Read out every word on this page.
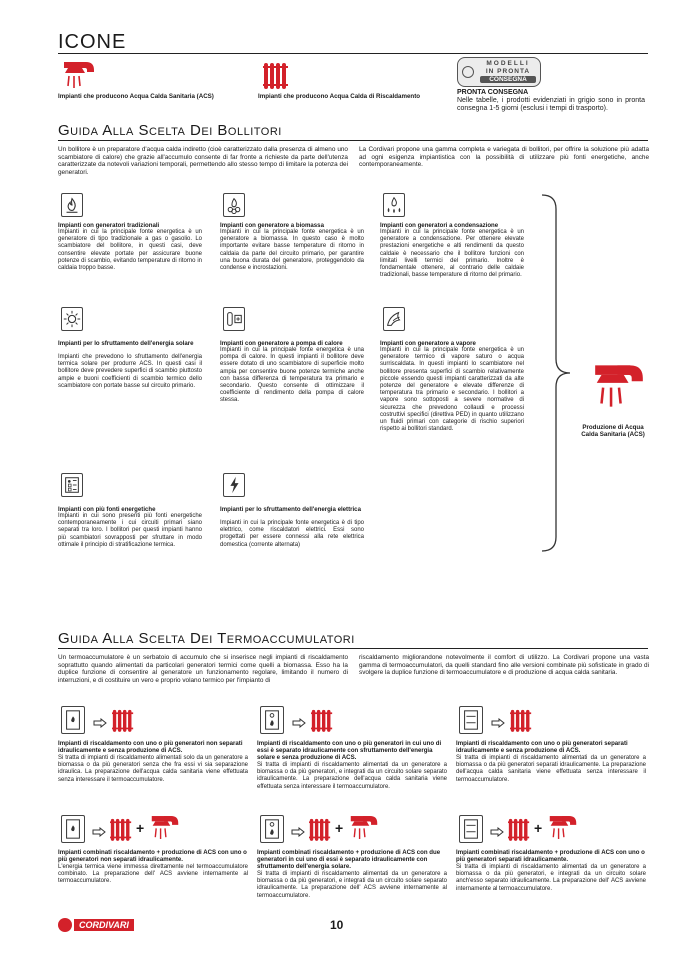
ICONE
Impianti che producono Acqua Calda Sanitaria (ACS)	Impianti che producono Acqua Calda di Riscaldamento
MODELLI
IN PRONTA
CONSEGNA
PRONTA CONSEGNA
Nelle tabelle, i prodotti evidenziati in grigio sono in pronta consegna 1-5 giorni (esclusi i tempi di trasporto).
Guida Alla Scelta Dei Bollitori
Un bollitore è un preparatore d'acqua calda indiretto (cioè caratterizzato dalla presenza di almeno uno scambiatore di calore) che grazie all'accumulo consente di far fronte a richieste da parte dell'utenza caratterizzate da notevoli variazioni temporali, permettendo allo stesso tempo di limitare la potenza dei generatori.
La Cordivari propone una gamma completa e variegata di bollitori, per offrire la soluzione più adatta ad ogni esigenza impiantistica con la possibilità di utilizzare più fonti energetiche, anche contemporaneamente.
Impianti con generatori tradizionali
Impianti in cui la principale fonte energetica è un generatore di tipo tradizionale a gas o gasolio. Lo scambiatore del bollitore, in questi casi, deve consentire elevate portate per assicurare buone potenze di scambio, evitando temperature di ritorno in caldaia troppo basse.
Impianti con generatore a biomassa
Impianti in cui la principale fonte energetica è un generatore a biomassa. In questo caso è molto importante evitare basse temperature di ritorno in caldaia da parte del circuito primario, per garantire una buona durata del generatore, proteggendolo da condense e incrostazioni.
Impianti con generatori a condensazione
Impianti in cui la principale fonte energetica è un generatore a condensazione. Per ottenere elevate prestazioni energetiche e alti rendimenti da questo caldaie è necessario che il bollitore funzioni con limitati livelli termici del primario. Inoltre è fondamentale ottenere, al contrario delle caldaie tradizionali, basse temperature di ritorno del primario.
Impianti per lo sfruttamento dell'energia solare
Impianti che prevedono lo sfruttamento dell'energia termica solare per produrre ACS. In questi casi il bollitore deve prevedere superfici di scambio piuttosto ampie e buoni coefficienti di scambio termico dello scambiatore con portate basse sul circuito primario.
Impianti con generatore a pompa di calore
Impianti in cui la principale fonte energetica è una pompa di calore. In questi impianti il bollitore deve essere dotato di uno scambiatore di superficie molto ampia per consentire buone potenze termiche anche con bassa differenza di temperatura tra primario e secondario. Questo consente di ottimizzare il coefficiente di rendimento della pompa di calore stessa.
Impianti con generatore a vapore
Impianti in cui la principale fonte energetica è un generatore termico di vapore saturo o acqua surriscaldata. In questi impianti lo scambiatore nel bollitore presenta superfici di scambio relativamente piccole essendo questi impianti caratterizzati da alte potenze del generatore e elevate differenze di temperatura tra primario e secondario. I bollitori a vapore sono sottoposti a severe normative di sicurezza che prevedono collaudi e processi costruttivi specifici (direttiva PED) in quanto utilizzano un fluidi primari con categorie di rischio superiori rispetto ai bollitori standard.
Impianti con più fonti energetiche
Impianti in cui sono presenti più fonti energetiche contemporaneamente i cui circuiti primari siano separati tra loro. I bollitori per questi impianti hanno più scambiatori sovrapposti per sfruttare in modo ottimale il principio di stratificazione termica.
Impianti per lo sfruttamento dell'energia elettrica
Impianti in cui la principale fonte energetica è di tipo elettrico, come riscaldatori elettrici. Essi sono progettati per essere connessi alla rete elettrica domestica (corrente alternata)
Produzione di Acqua Calda Sanitaria (ACS)
Guida Alla Scelta Dei Termoaccumulatori
Un termoaccumulatore è un serbatoio di accumulo che si inserisce negli impianti di riscaldamento soprattutto quando alimentati da particolari generatori termici come quelli a biomassa. Esso ha la duplice funzione di consentire al generatore un funzionamento regolare, limitando il numero di interruzioni, e di costituire un vero e proprio volano termico per l'impianto di
riscaldamento migliorandone notevolmente il comfort di utilizzo. La Cordivari propone una vasta gamma di termoaccumulatori, da quelli standard fino alle versioni combinate più sofisticate in grado di svolgere la duplice funzione di termoaccumulatore e di produzione di acqua calda sanitaria.
Impianti di riscaldamento con uno o più generatori non separati idraulicamente e senza produzione di ACS.
Si tratta di impianti di riscaldamento alimentati solo da un generatore a biomassa o da più generatori senza che fra essi vi sia separazione idraulica. La preparazione dell'acqua calda sanitaria viene effettuata senza interessare il termoaccumulatore.
Impianti di riscaldamento con uno o più generatori in cui uno di essi è separato idraulicamente con sfruttamento dell'energia solare e senza produzione di ACS.
Si tratta di impianti di riscaldamento alimentati da un generatore a biomassa o da più generatori, e integrati da un circuito solare separato idraulicamente. La preparazione dell'acqua calda sanitaria viene effettuata senza interessare il termoaccumulatore.
Impianti di riscaldamento con uno o più generatori separati idraulicamente e senza produzione di ACS.
Si tratta di impianti di riscaldamento alimentati da un generatore a biomassa o da più generatori separati idraulicamente. La preparazione dell'acqua calda sanitaria viene effettuata senza interessare il termoaccumulatore.
+
Impianti combinati riscaldamento + produzione di ACS con uno o più generatori non separati idraulicamente.
L'energia termica viene immessa direttamente nel termoaccumulatore combinato. La preparazione dell' ACS avviene internamente al termoaccumulatore.
+
Impianti combinati riscaldamento + produzione di ACS con due generatori in cui uno di essi è separato idraulicamente con sfruttamento dell'energia solare.
Si tratta di impianti di riscaldamento alimentati da un generatore a biomassa o da più generatori, e integrati da un circuito solare separato idraulicamente. La preparazione dell' ACS avviene internamente al termoaccumulatore.
+
Impianti combinati riscaldamento + produzione di ACS con uno o più generatori separati idraulicamente.
Si tratta di impianti di riscaldamento alimentati da un generatore a biomassa o da più generatori, e integrati da un circuito solare anch'esso separato idraulicamente. La preparazione dell' ACS avviene internamente al termoaccumulatore.
CORDIVARI	10
